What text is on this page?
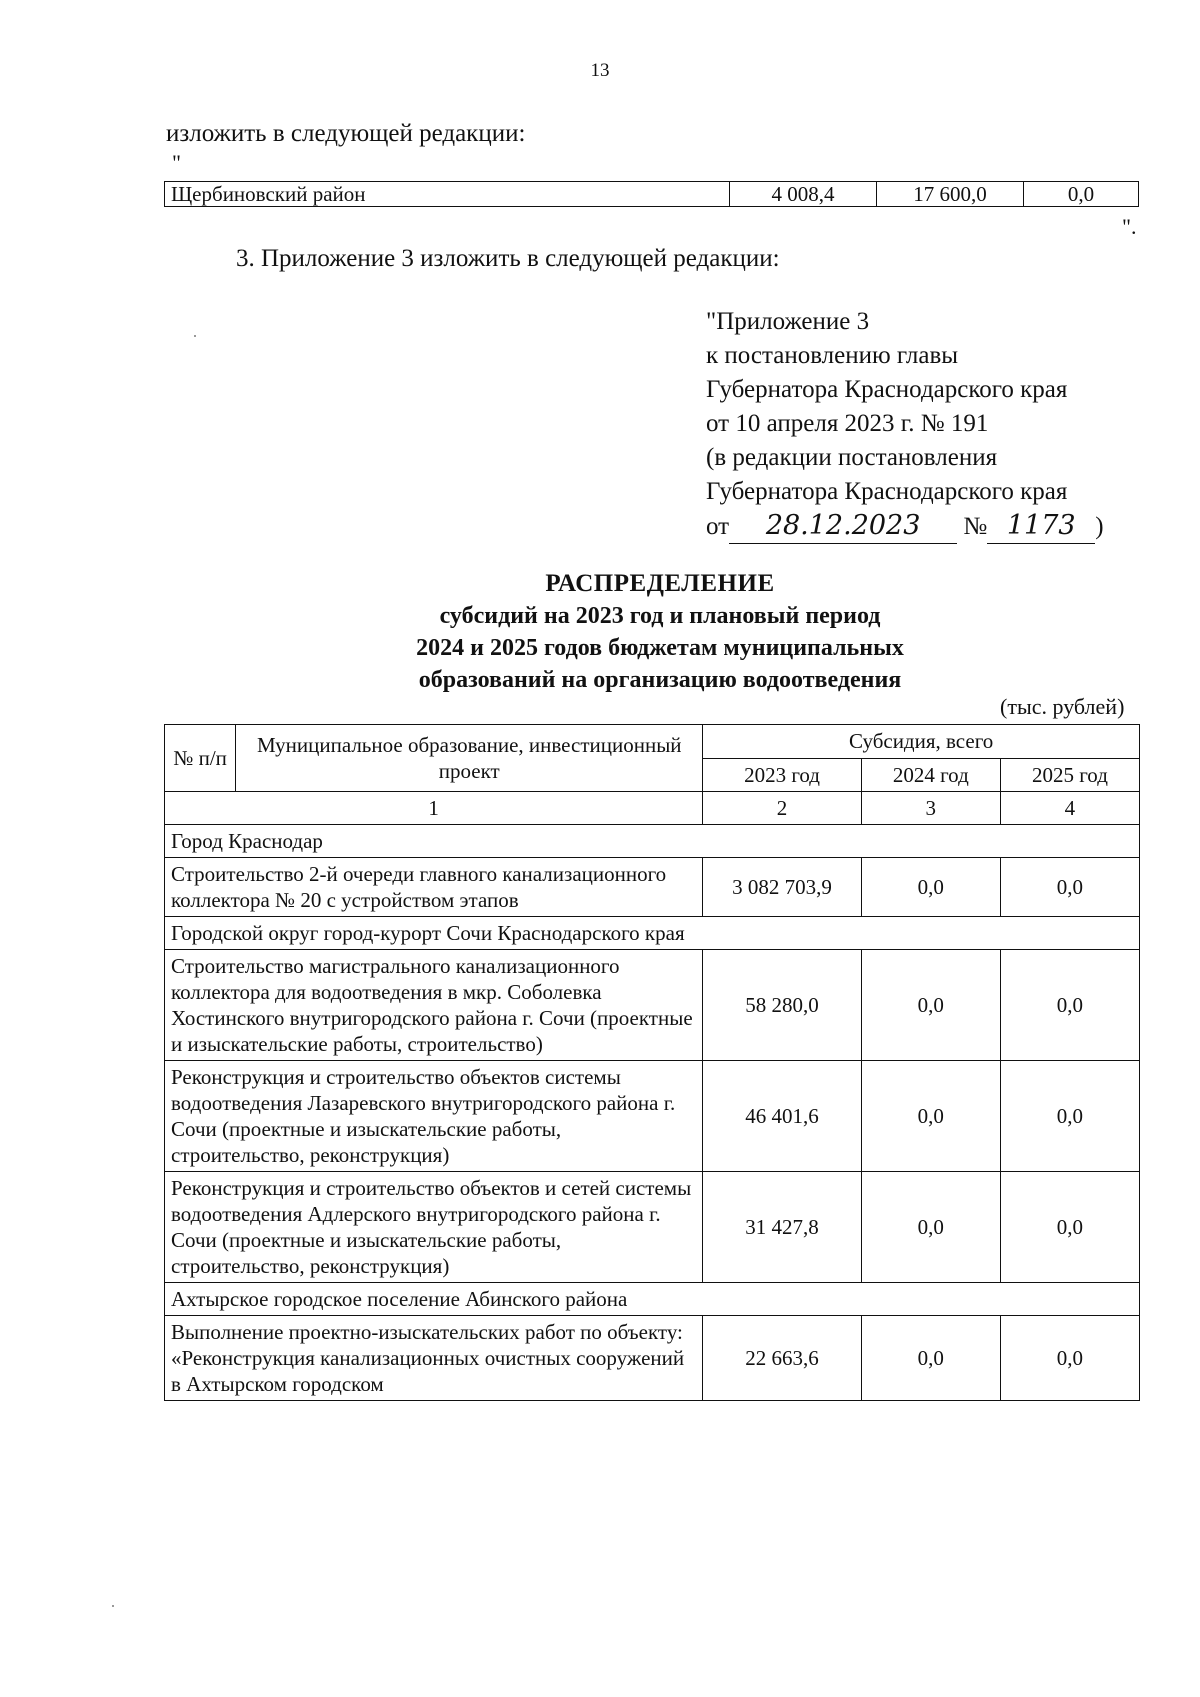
13
изложить в следующей редакции:
"
Щербиновский район	4 008,4	17 600,0	0,0
".
3. Приложение 3 изложить в следующей редакции:
"Приложение 3
к постановлению главы
Губернатора Краснодарского края
от 10 апреля 2023 г. № 191
(в редакции постановления
Губернатора Краснодарского края
от 28.12.2023 № 1173 )
РАСПРЕДЕЛЕНИЕ
субсидий на 2023 год и плановый период
2024 и 2025 годов бюджетам муниципальных
образований на организацию водоотведения
(тыс. рублей)
№ п/п	Муниципальное образование, инвестиционный проект	Субсидия, всего		
		2023 год	2024 год	2025 год
1		2	3	4
Город Краснодар				
Строительство 2-й очереди главного канализационного коллектора № 20 с устройством этапов		3 082 703,9	0,0	0,0
Городской округ город-курорт Сочи Краснодарского края				
Строительство магистрального канализационного коллектора для водоотведения в мкр. Соболевка Хостинского внутригородского района г. Сочи (проектные и изыскательские работы, строительство)		58 280,0	0,0	0,0
Реконструкция и строительство объектов системы водоотведения Лазаревского внутригородского района г. Сочи (проектные и изыскательские работы, строительство, реконструкция)		46 401,6	0,0	0,0
Реконструкция и строительство объектов и сетей системы водоотведения Адлерского внутригородского района г. Сочи (проектные и изыскательские работы, строительство, реконструкция)		31 427,8	0,0	0,0
Ахтырское городское поселение Абинского района				
Выполнение проектно-изыскательских работ по объекту: «Реконструкция канализационных очистных сооружений в Ахтырском городском		22 663,6	0,0	0,0
